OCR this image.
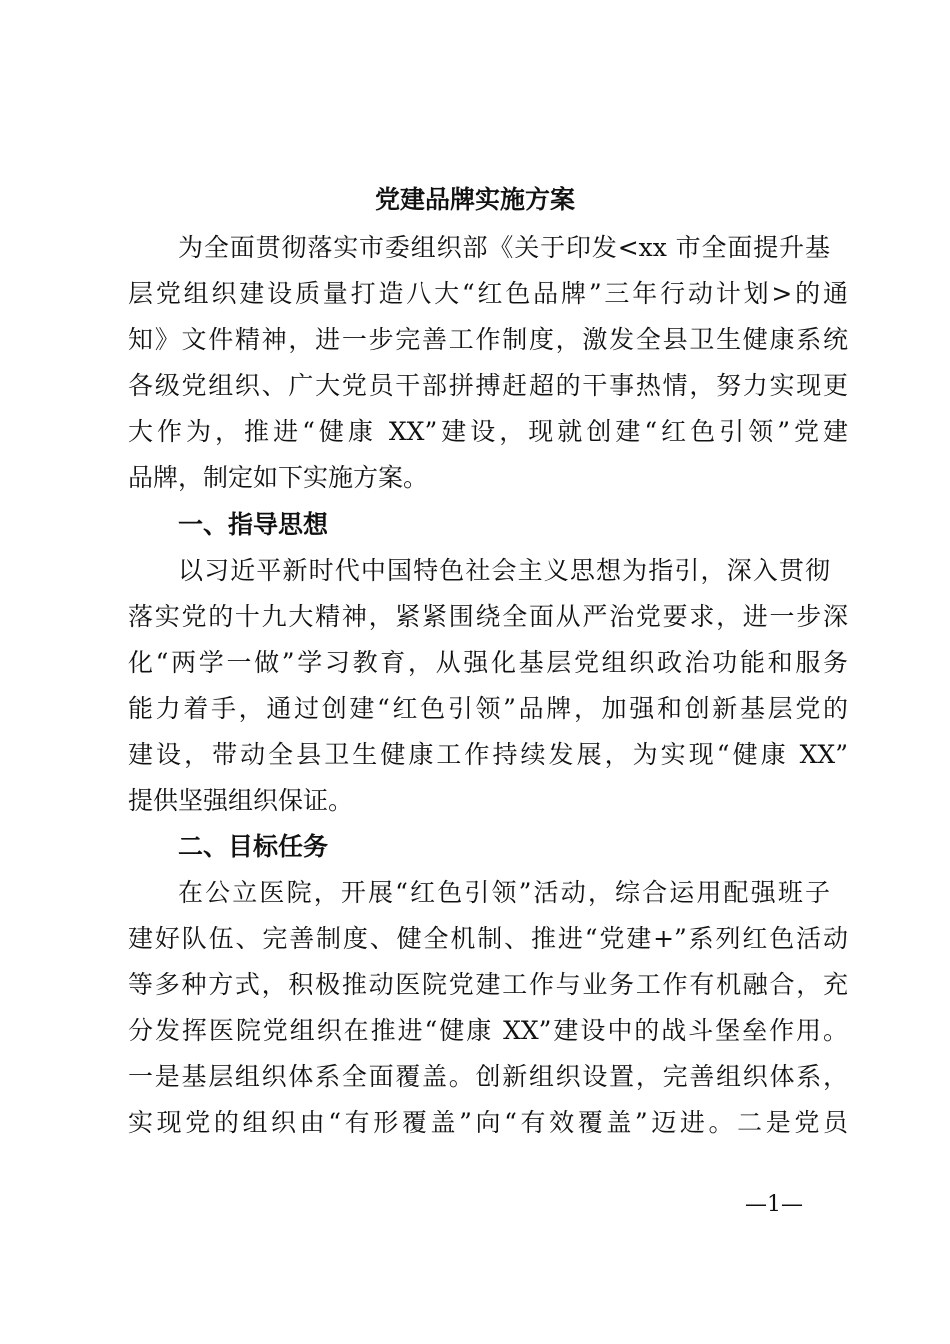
党建品牌实施方案
为全面贯彻落实市委组织部《关于印发<xx 市全面提升基
层党组织建设质量打造八大“红色品牌”三年行动计划>的通
知》文件精神，进一步完善工作制度，激发全县卫生健康系统
各级党组织、广大党员干部拼搏赶超的干事热情，努力实现更
大作为，推进“健康 XX”建设，现就创建“红色引领”党建
品牌，制定如下实施方案。
一、指导思想
以习近平新时代中国特色社会主义思想为指引，深入贯彻
落实党的十九大精神，紧紧围绕全面从严治党要求，进一步深
化“两学一做”学习教育，从强化基层党组织政治功能和服务
能力着手，通过创建“红色引领”品牌，加强和创新基层党的
建设，带动全县卫生健康工作持续发展，为实现“健康 XX”
提供坚强组织保证。
二、目标任务
在公立医院，开展“红色引领”活动，综合运用配强班子
建好队伍、完善制度、健全机制、推进“党建+”系列红色活动
等多种方式，积极推动医院党建工作与业务工作有机融合，充
分发挥医院党组织在推进“健康 XX”建设中的战斗堡垒作用。
一是基层组织体系全面覆盖。创新组织设置，完善组织体系，
实现党的组织由“有形覆盖”向“有效覆盖”迈进。二是党员
—1—
